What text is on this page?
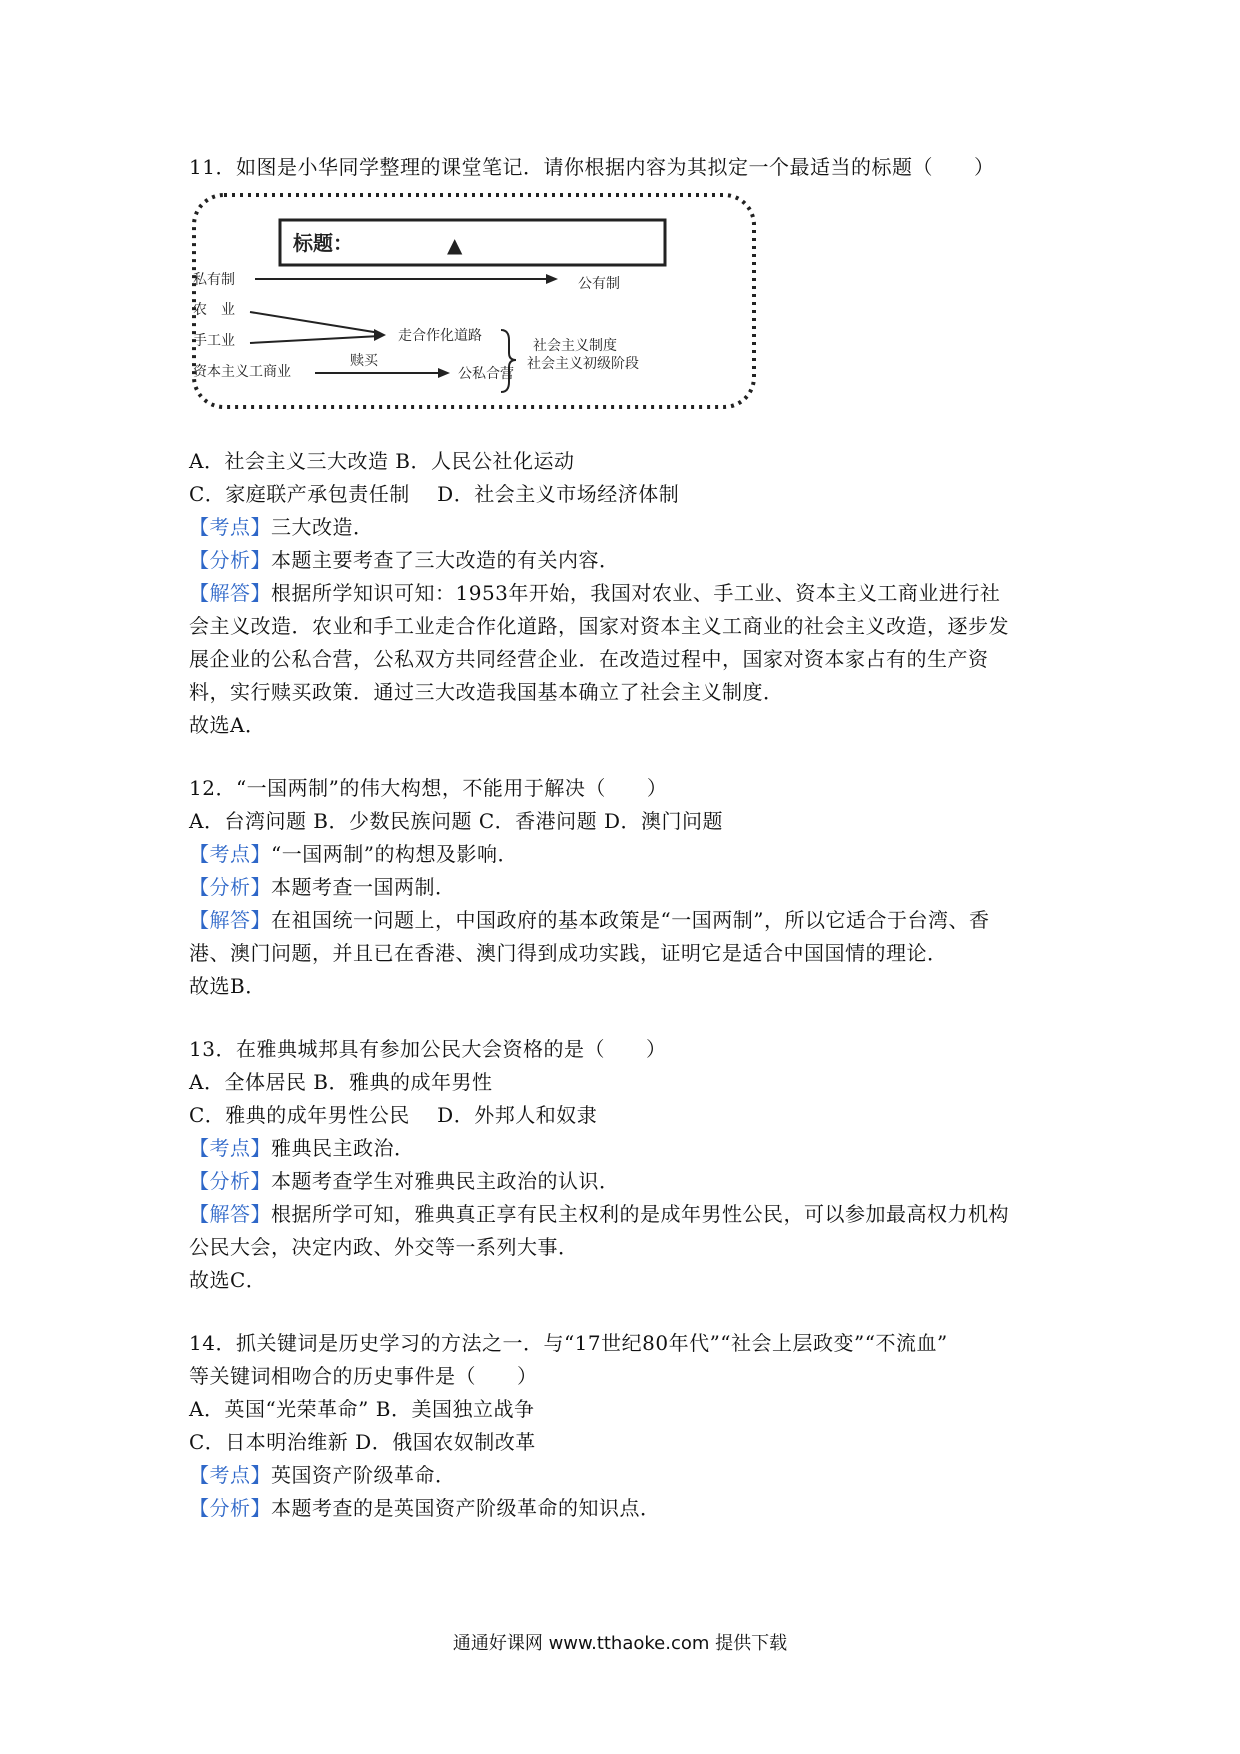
11．如图是小华同学整理的课堂笔记．请你根据内容为其拟定一个最适当的标题（　　）
标题：	▲
私有制	公有制
农　业
手工业	走合作化道路
资本主义工商业
赎买
公私合营
社会主义制度
社会主义初级阶段
A．社会主义三大改造 B．人民公社化运动
C．家庭联产承包责任制 　D．社会主义市场经济体制
【考点】三大改造．
【分析】本题主要考查了三大改造的有关内容．
【解答】根据所学知识可知：1953年开始，我国对农业、手工业、资本主义工商业进行社
会主义改造．农业和手工业走合作化道路，国家对资本主义工商业的社会主义改造，逐步发
展企业的公私合营，公私双方共同经营企业．在改造过程中，国家对资本家占有的生产资
料，实行赎买政策．通过三大改造我国基本确立了社会主义制度．
故选A．
12．“一国两制”的伟大构想，不能用于解决（　　）
A．台湾问题 B．少数民族问题 C．香港问题 D．澳门问题
【考点】“一国两制”的构想及影响．
【分析】本题考查一国两制．
【解答】在祖国统一问题上，中国政府的基本政策是“一国两制”，所以它适合于台湾、香
港、澳门问题，并且已在香港、澳门得到成功实践，证明它是适合中国国情的理论．
故选B．
13．在雅典城邦具有参加公民大会资格的是（　　）
A．全体居民 B．雅典的成年男性
C．雅典的成年男性公民 　D．外邦人和奴隶
【考点】雅典民主政治．
【分析】本题考查学生对雅典民主政治的认识．
【解答】根据所学可知，雅典真正享有民主权利的是成年男性公民，可以参加最高权力机构
公民大会，决定内政、外交等一系列大事．
故选C．
14．抓关键词是历史学习的方法之一．与“17世纪80年代”“社会上层政变”“不流血”
等关键词相吻合的历史事件是（　　）
A．英国“光荣革命” B．美国独立战争
C．日本明治维新 D．俄国农奴制改革
【考点】英国资产阶级革命．
【分析】本题考查的是英国资产阶级革命的知识点．
通通好课网 www.tthaoke.com 提供下载
